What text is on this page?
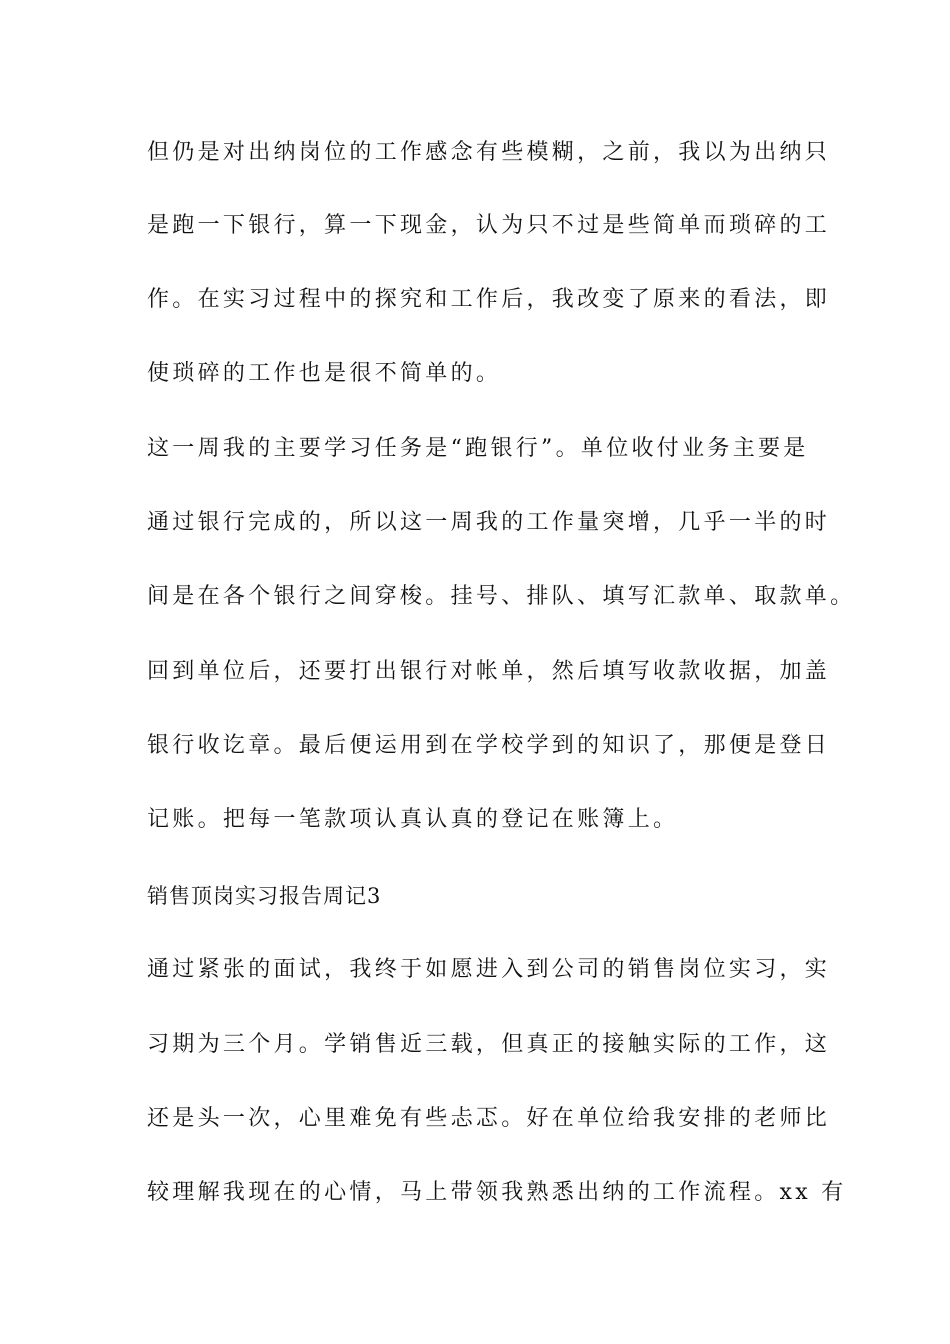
但仍是对出纳岗位的工作感念有些模糊，之前，我以为出纳只
是跑一下银行，算一下现金，认为只不过是些简单而琐碎的工
作。在实习过程中的探究和工作后，我改变了原来的看法，即
使琐碎的工作也是很不简单的。
这一周我的主要学习任务是“跑银行”。单位收付业务主要是
通过银行完成的，所以这一周我的工作量突增，几乎一半的时
间是在各个银行之间穿梭。挂号、排队、填写汇款单、取款单。
回到单位后，还要打出银行对帐单，然后填写收款收据，加盖
银行收讫章。最后便运用到在学校学到的知识了，那便是登日
记账。把每一笔款项认真认真的登记在账簿上。
销售顶岗实习报告周记3
通过紧张的面试，我终于如愿进入到公司的销售岗位实习，实
习期为三个月。学销售近三载，但真正的接触实际的工作，这
还是头一次，心里难免有些忐忑。好在单位给我安排的老师比
较理解我现在的心情，马上带领我熟悉出纳的工作流程。xx 有
